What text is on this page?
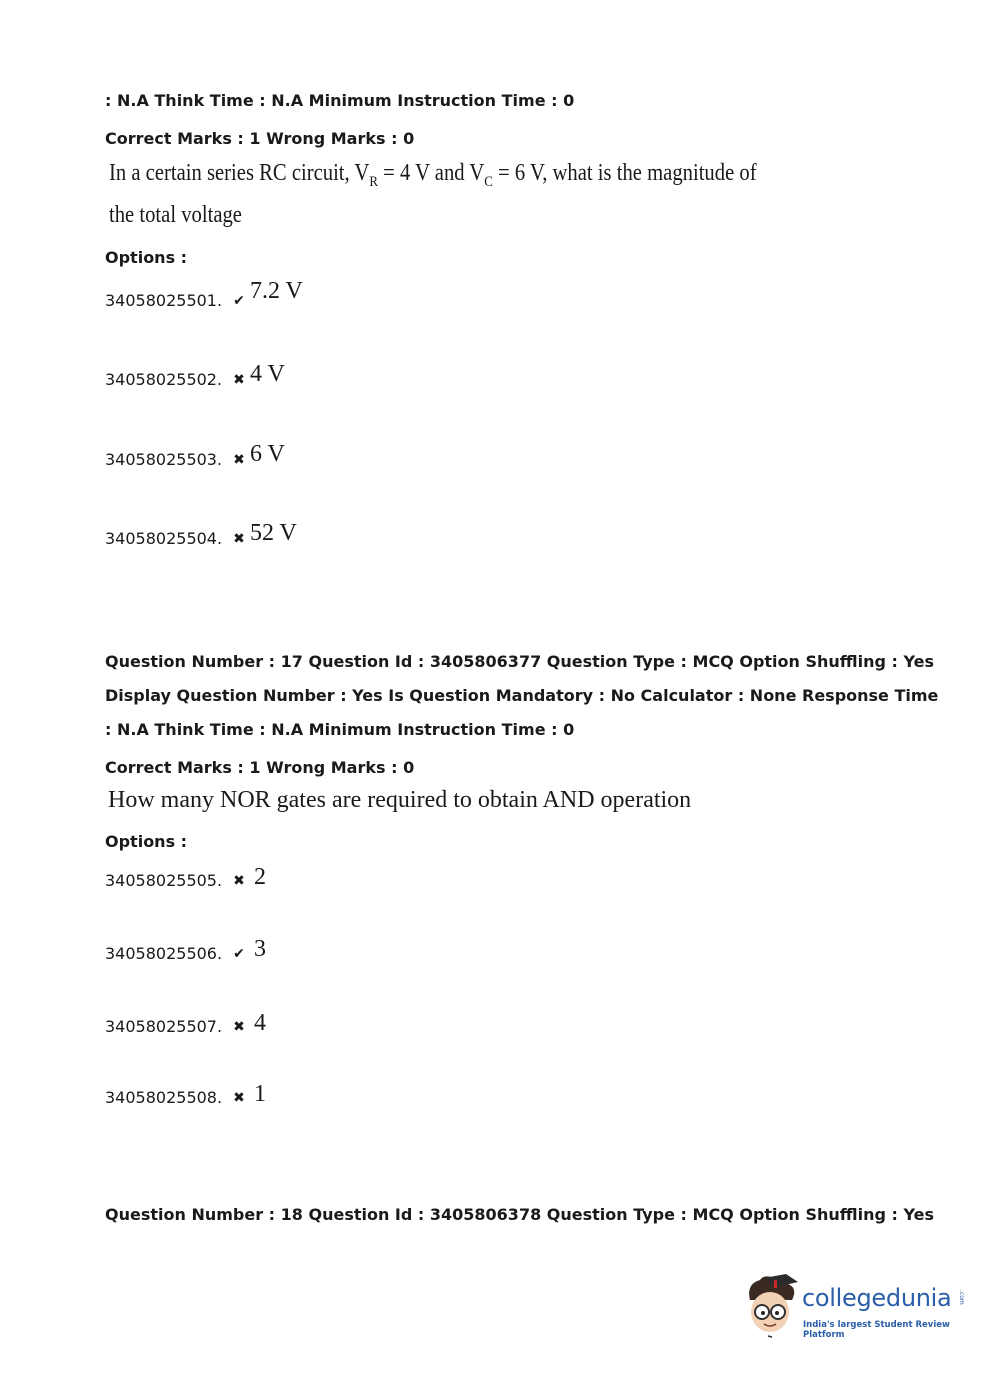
: N.A Think Time : N.A Minimum Instruction Time : 0
Correct Marks : 1 Wrong Marks : 0
In a certain series RC circuit, $V_R = 4$ V and $V_C = 6$ V, what is the magnitude of
the total voltage
Options :
34058025501. ✔ 7.2 V
34058025502. ✖ 4 V
34058025503. ✖ 6 V
34058025504. ✖ 52 V
Question Number : 17 Question Id : 3405806377 Question Type : MCQ Option Shuffling : Yes
Display Question Number : Yes Is Question Mandatory : No Calculator : None Response Time
: N.A Think Time : N.A Minimum Instruction Time : 0
Correct Marks : 1 Wrong Marks : 0
How many NOR gates are required to obtain AND operation
Options :
34058025505. ✖ 2
34058025506. ✔ 3
34058025507. ✖ 4
34058025508. ✖ 1
Question Number : 18 Question Id : 3405806378 Question Type : MCQ Option Shuffling : Yes
collegedunia .com
India's largest Student Review Platform
